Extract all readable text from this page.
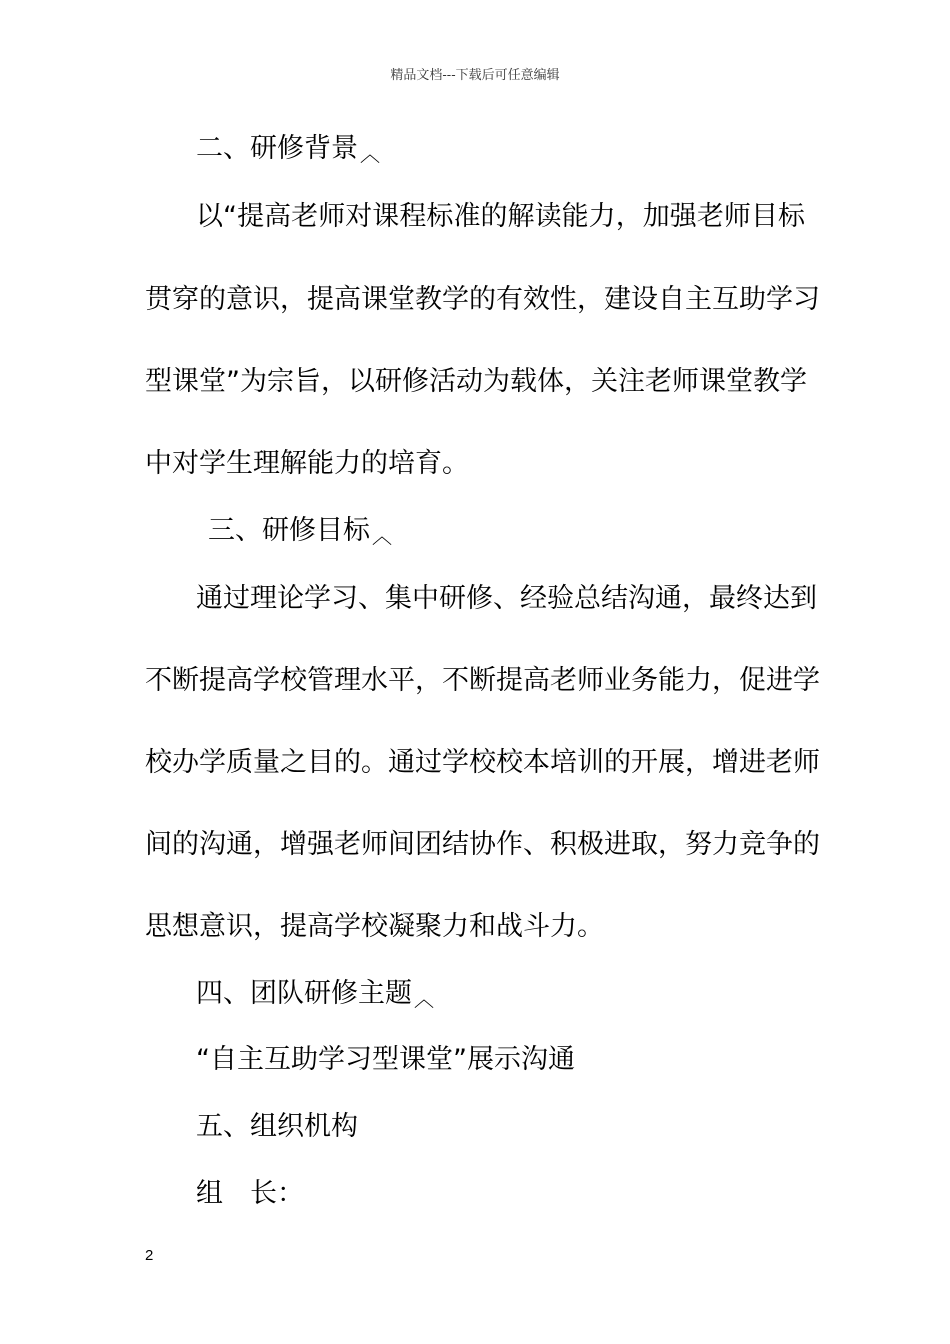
精品文档---下载后可任意编辑
二、研修背景 ︿
以“提高老师对课程标准的解读能力，加强老师目标
贯穿的意识，提高课堂教学的有效性，建设自主互助学习
型课堂”为宗旨，以研修活动为载体，关注老师课堂教学
中对学生理解能力的培育。
三、研修目标 ︿
通过理论学习、集中研修、经验总结沟通，最终达到
不断提高学校管理水平，不断提高老师业务能力，促进学
校办学质量之目的。通过学校校本培训的开展，增进老师
间的沟通，增强老师间团结协作、积极进取，努力竞争的
思想意识，提高学校凝聚力和战斗力。
四、团队研修主题 ︿
“自主互助学习型课堂”展示沟通
五、组织机构
组　长：
2
